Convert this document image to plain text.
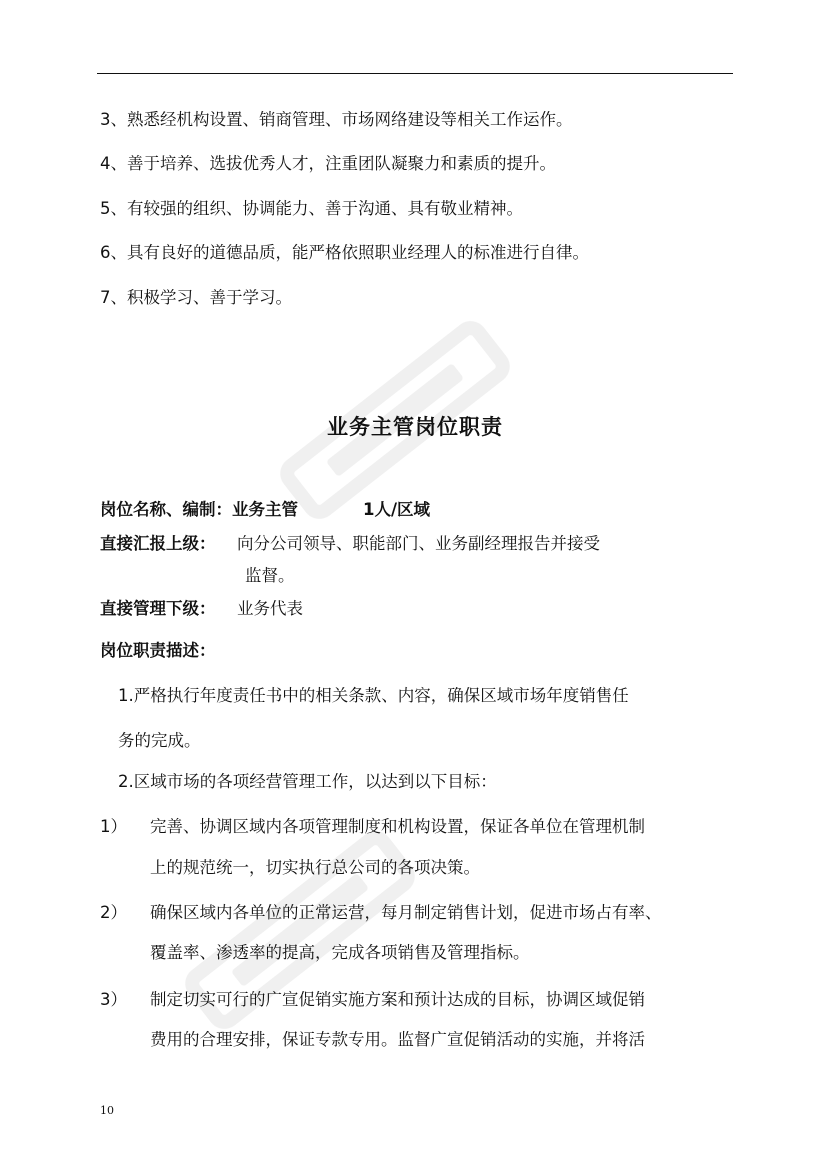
3、熟悉经机构设置、销商管理、市场网络建设等相关工作运作。
4、善于培养、选拔优秀人才，注重团队凝聚力和素质的提升。
5、有较强的组织、协调能力、善于沟通、具有敬业精神。
6、具有良好的道德品质，能严格依照职业经理人的标准进行自律。
7、积极学习、善于学习。
业务主管岗位职责
岗位名称、编制：业务主管	1人/区域
直接汇报上级： 向分公司领导、职能部门、业务副经理报告并接受
监督。
直接管理下级： 业务代表
岗位职责描述：
1.严格执行年度责任书中的相关条款、内容，确保区域市场年度销售任
务的完成。
2.区域市场的各项经营管理工作，以达到以下目标：
1） 完善、协调区域内各项管理制度和机构设置，保证各单位在管理机制
上的规范统一，切实执行总公司的各项决策。
2） 确保区域内各单位的正常运营，每月制定销售计划，促进市场占有率、
覆盖率、渗透率的提高，完成各项销售及管理指标。
3） 制定切实可行的广宣促销实施方案和预计达成的目标，协调区域促销
费用的合理安排，保证专款专用。监督广宣促销活动的实施，并将活
10
